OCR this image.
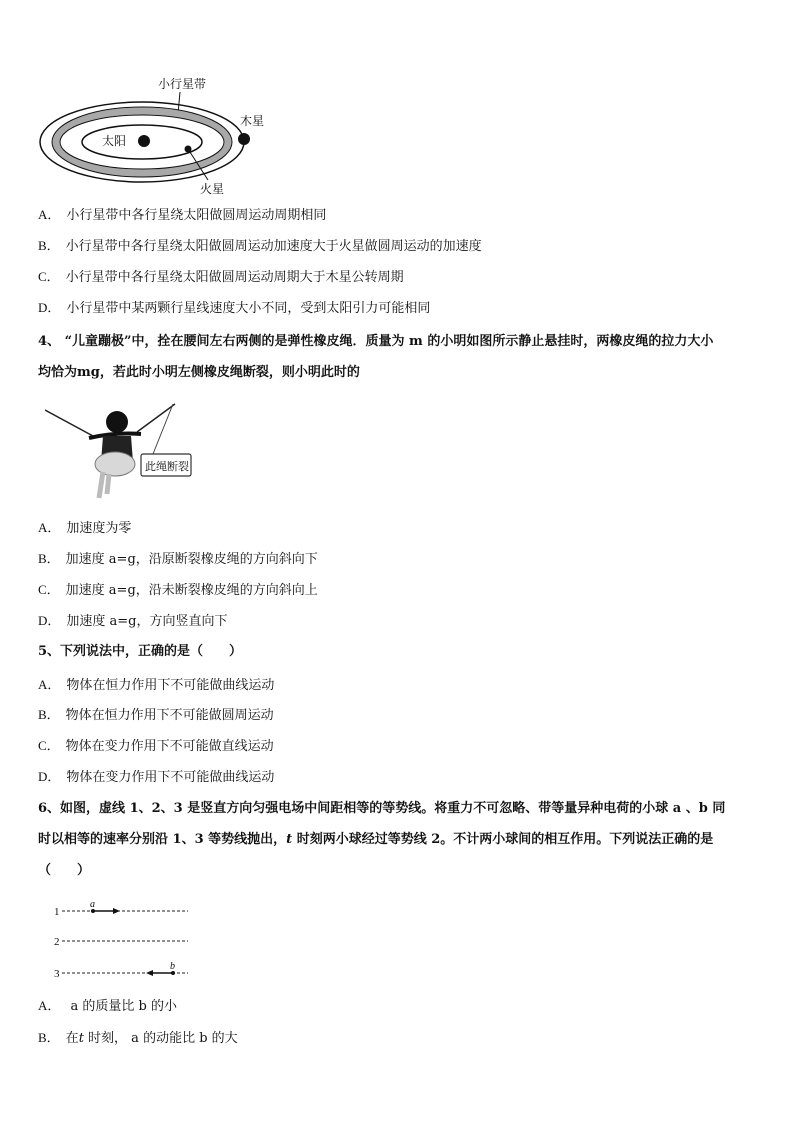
小行星带
太阳
火星
木星
A． 小行星带中各行星绕太阳做圆周运动周期相同
B． 小行星带中各行星绕太阳做圆周运动加速度大于火星做圆周运动的加速度
C． 小行星带中各行星绕太阳做圆周运动周期大于木星公转周期
D． 小行星带中某两颗行星线速度大小不同，受到太阳引力可能相同
4、 “儿童蹦极”中，拴在腰间左右两侧的是弹性橡皮绳．质量为 m 的小明如图所示静止悬挂时，两橡皮绳的拉力大小
均恰为mg，若此时小明左侧橡皮绳断裂，则小明此时的
此绳断裂
A． 加速度为零
B． 加速度 a=g，沿原断裂橡皮绳的方向斜向下
C． 加速度 a=g，沿未断裂橡皮绳的方向斜向上
D． 加速度 a=g，方向竖直向下
5、下列说法中，正确的是（　　）
A． 物体在恒力作用下不可能做曲线运动
B． 物体在恒力作用下不可能做圆周运动
C． 物体在变力作用下不可能做直线运动
D． 物体在变力作用下不可能做曲线运动
6、如图，虚线 1、2、3 是竖直方向匀强电场中间距相等的等势线。将重力不可忽略、带等量异种电荷的小球 a 、b 同
时以相等的速率分别沿 1、3 等势线抛出，t 时刻两小球经过等势线 2。不计两小球间的相互作用。下列说法正确的是
（　　）
1
a
2
3
b
A． a 的质量比 b 的小
B． 在t 时刻， a 的动能比 b 的大
